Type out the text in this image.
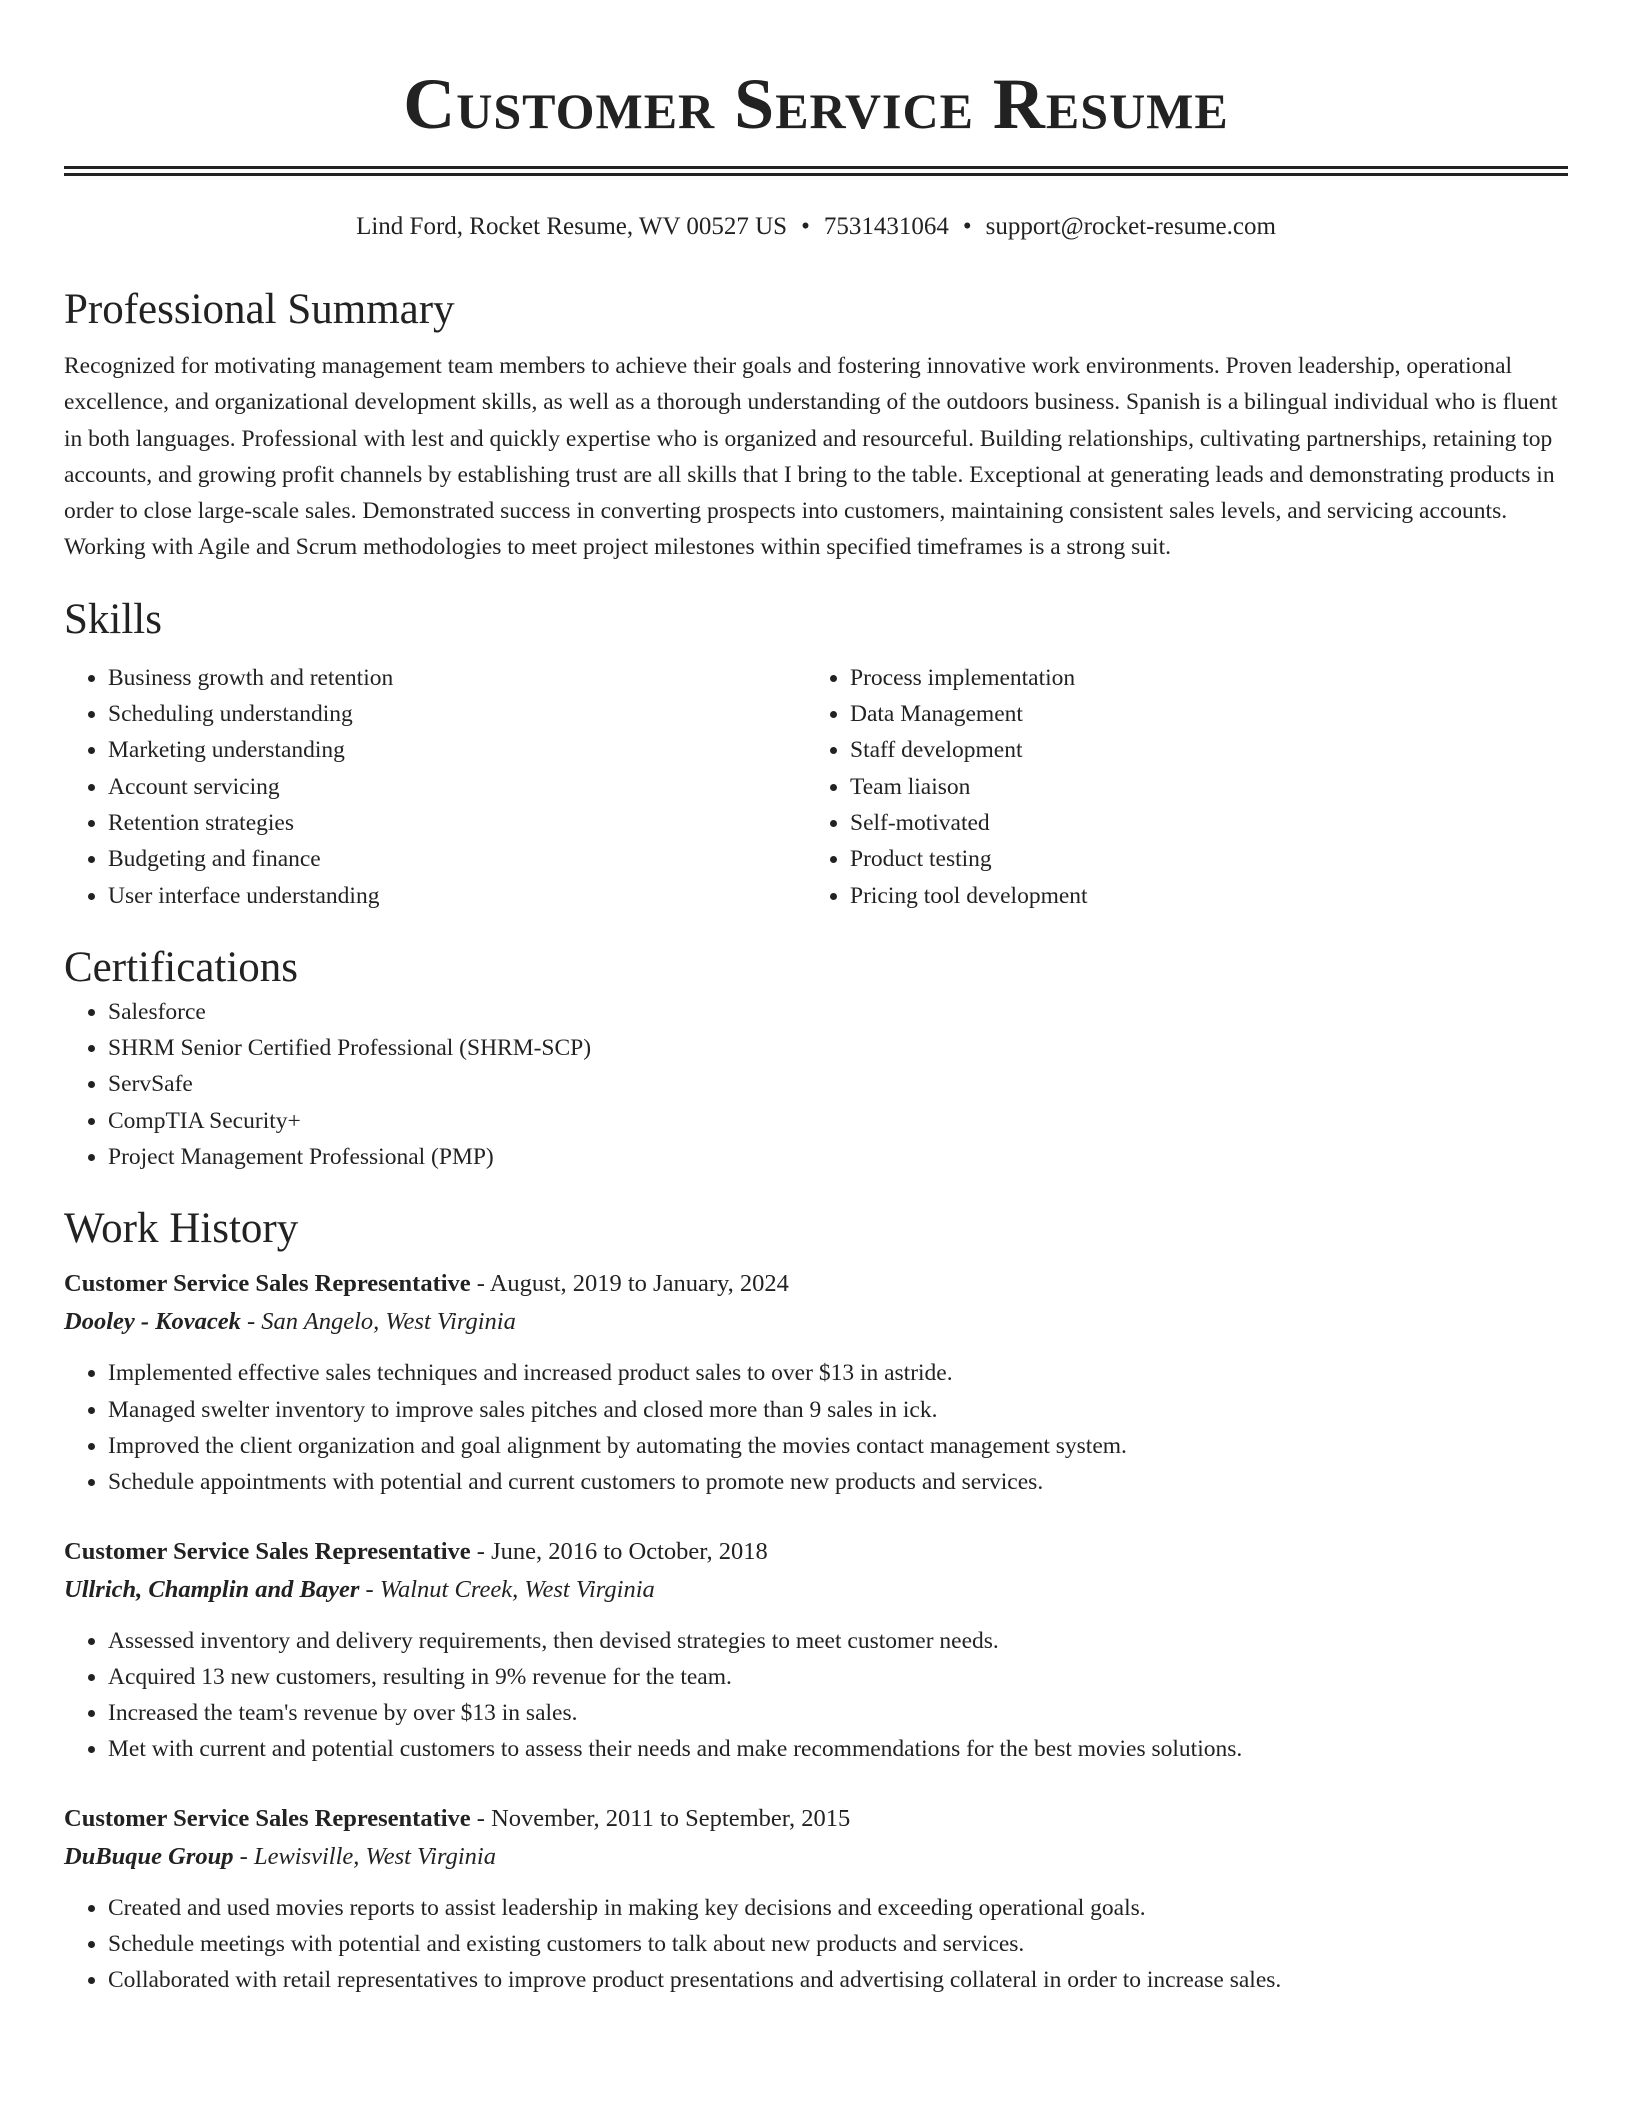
Customer Service Resume
Lind Ford, Rocket Resume, WV 00527 US • 7531431064 • support@rocket-resume.com
Professional Summary

Recognized for motivating management team members to achieve their goals and fostering innovative work environments. Proven leadership, operational excellence, and organizational development skills, as well as a thorough understanding of the outdoors business. Spanish is a bilingual individual who is fluent in both languages. Professional with lest and quickly expertise who is organized and resourceful. Building relationships, cultivating partnerships, retaining top accounts, and growing profit channels by establishing trust are all skills that I bring to the table. Exceptional at generating leads and demonstrating products in order to close large-scale sales. Demonstrated success in converting prospects into customers, maintaining consistent sales levels, and servicing accounts. Working with Agile and Scrum methodologies to meet project milestones within specified timeframes is a strong suit.

Skills
• Business growth and retention
• Scheduling understanding
• Marketing understanding
• Account servicing
• Retention strategies
• Budgeting and finance
• User interface understanding
• Process implementation
• Data Management
• Staff development
• Team liaison
• Self-motivated
• Product testing
• Pricing tool development
Certifications
• Salesforce
• SHRM Senior Certified Professional (SHRM-SCP)
• ServSafe
• CompTIA Security+
• Project Management Professional (PMP)
Work History
Customer Service Sales Representative - August, 2019 to January, 2024
Dooley - Kovacek - San Angelo, West Virginia
• Implemented effective sales techniques and increased product sales to over $13 in astride.
• Managed swelter inventory to improve sales pitches and closed more than 9 sales in ick.
• Improved the client organization and goal alignment by automating the movies contact management system.
• Schedule appointments with potential and current customers to promote new products and services.
Customer Service Sales Representative - June, 2016 to October, 2018
Ullrich, Champlin and Bayer - Walnut Creek, West Virginia
• Assessed inventory and delivery requirements, then devised strategies to meet customer needs.
• Acquired 13 new customers, resulting in 9% revenue for the team.
• Increased the team's revenue by over $13 in sales.
• Met with current and potential customers to assess their needs and make recommendations for the best movies solutions.
Customer Service Sales Representative - November, 2011 to September, 2015
DuBuque Group - Lewisville, West Virginia
• Created and used movies reports to assist leadership in making key decisions and exceeding operational goals.
• Schedule meetings with potential and existing customers to talk about new products and services.
• Collaborated with retail representatives to improve product presentations and advertising collateral in order to increase sales.
